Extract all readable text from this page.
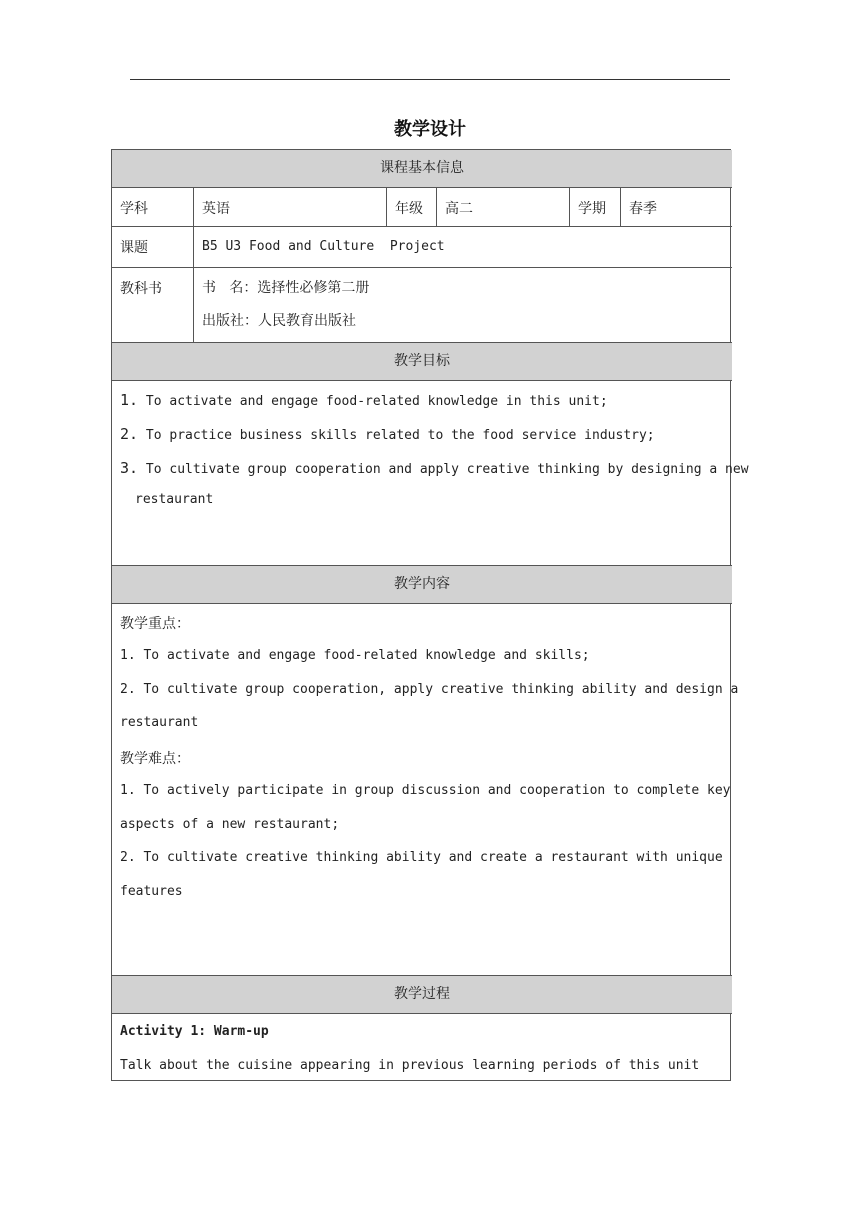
教学设计
课程基本信息
学科	英语	年级	高二	学期	春季
课题	B5 U3 Food and Culture  Project
教科书	书   名：选择性必修第二册
出版社：人民教育出版社
教学目标
1. To activate and engage food-related knowledge in this unit;
2. To practice business skills related to the food service industry;
3. To cultivate group cooperation and apply creative thinking by designing a new
restaurant
教学内容
教学重点：
1. To activate and engage food-related knowledge and skills;
2. To cultivate group cooperation, apply creative thinking ability and design a
restaurant
教学难点：
1. To actively participate in group discussion and cooperation to complete key
aspects of a new restaurant;
2. To cultivate creative thinking ability and create a restaurant with unique
features
教学过程
Activity 1: Warm-up
Talk about the cuisine appearing in previous learning periods of this unit
